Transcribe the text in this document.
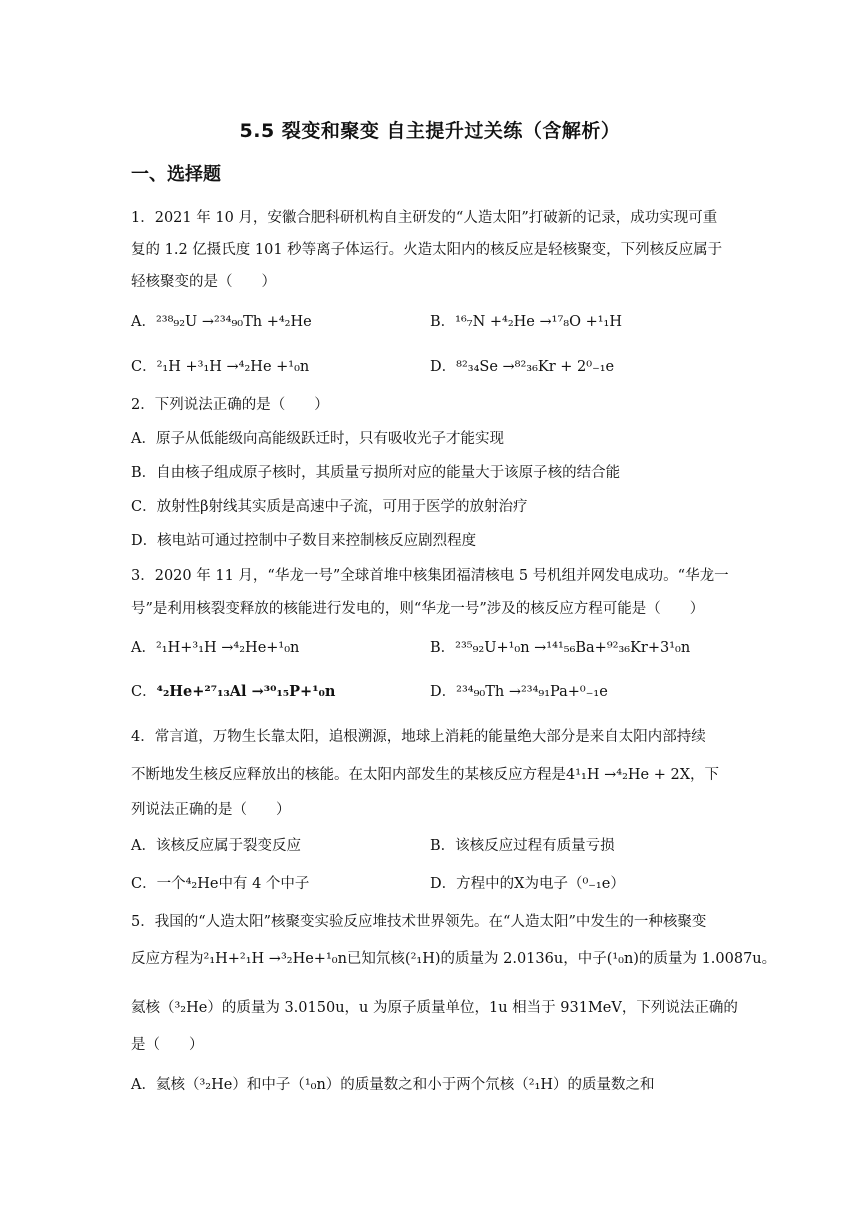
5.5 裂变和聚变 自主提升过关练（含解析）
一、选择题
1．2021 年 10 月，安徽合肥科研机构自主研发的“人造太阳”打破新的记录，成功实现可重
复的 1.2 亿摄氏度 101 秒等离子体运行。火造太阳内的核反应是轻核聚变，下列核反应属于
轻核聚变的是（　　）
A．²³⁸₉₂U →²³⁴₉₀Th +⁴₂He	B．¹⁶₇N +⁴₂He →¹⁷₈O +¹₁H
C．²₁H +³₁H →⁴₂He +¹₀n	D．⁸²₃₄Se →⁸²₃₆Kr + 2⁰₋₁e
2．下列说法正确的是（　　）
A．原子从低能级向高能级跃迁时，只有吸收光子才能实现
B．自由核子组成原子核时，其质量亏损所对应的能量大于该原子核的结合能
C．放射性β射线其实质是高速中子流，可用于医学的放射治疗
D．核电站可通过控制中子数目来控制核反应剧烈程度
3．2020 年 11 月，“华龙一号”全球首堆中核集团福清核电 5 号机组并网发电成功。“华龙一
号”是利用核裂变释放的核能进行发电的，则“华龙一号”涉及的核反应方程可能是（　　）
A．²₁H+³₁H →⁴₂He+¹₀n	B．²³⁵₉₂U+¹₀n →¹⁴¹₅₆Ba+⁹²₃₆Kr+3¹₀n
C．⁴₂He+²⁷₁₃Al →³⁰₁₅P+¹₀n	D．²³⁴₉₀Th →²³⁴₉₁Pa+⁰₋₁e
4．常言道，万物生长靠太阳，追根溯源，地球上消耗的能量绝大部分是来自太阳内部持续
不断地发生核反应释放出的核能。在太阳内部发生的某核反应方程是4¹₁H →⁴₂He + 2X，下
列说法正确的是（　　）
A．该核反应属于裂变反应	B．该核反应过程有质量亏损
C．一个⁴₂He中有 4 个中子	D．方程中的X为电子（⁰₋₁e）
5．我国的“人造太阳”核聚变实验反应堆技术世界领先。在“人造太阳”中发生的一种核聚变
反应方程为²₁H+²₁H →³₂He+¹₀n已知氘核(²₁H)的质量为 2.0136u，中子(¹₀n)的质量为 1.0087u。
氦核（³₂He）的质量为 3.0150u，u 为原子质量单位，1u 相当于 931MeV，下列说法正确的
是（　　）
A．氦核（³₂He）和中子（¹₀n）的质量数之和小于两个氘核（²₁H）的质量数之和
